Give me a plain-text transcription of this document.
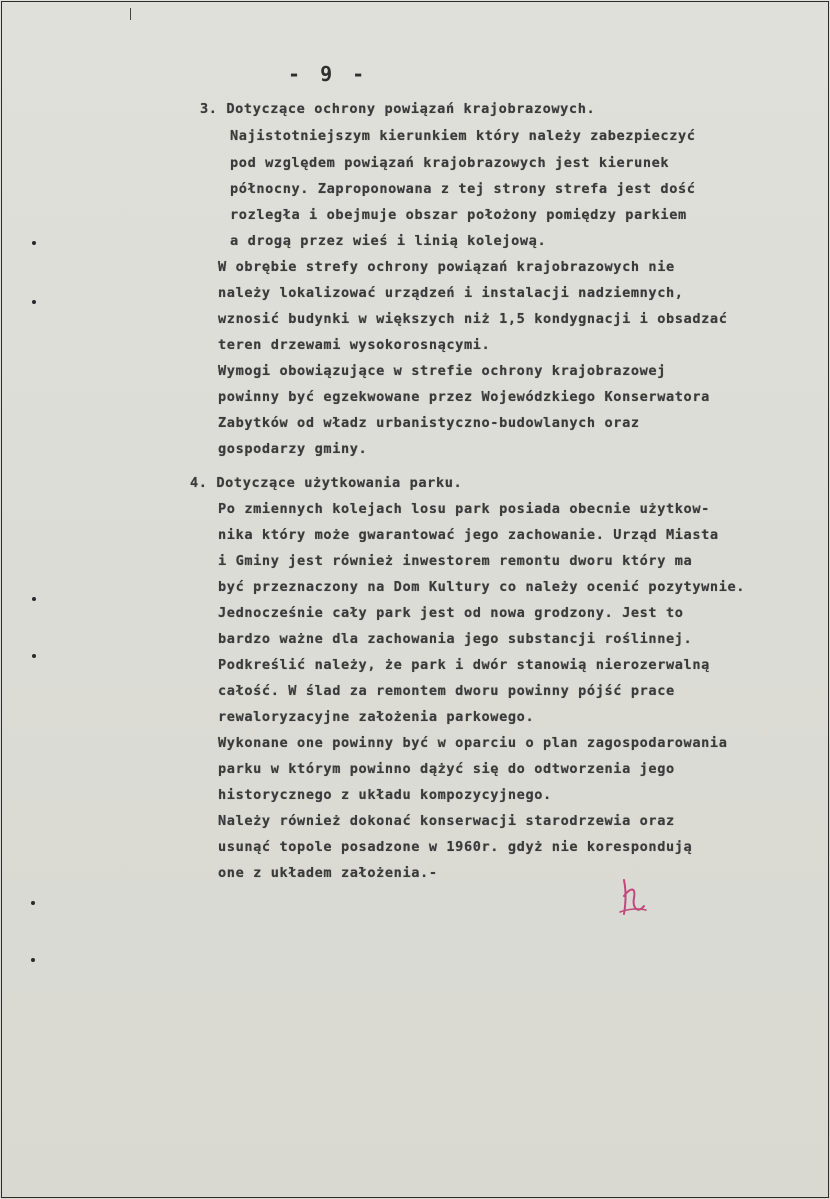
- 9 -
3. Dotyczące ochrony powiązań krajobrazowych.
Najistotniejszym kierunkiem który należy zabezpieczyć
pod względem powiązań krajobrazowych jest kierunek
północny. Zaproponowana z tej strony strefa jest dość
rozległa i obejmuje obszar położony pomiędzy parkiem
a drogą przez wieś i linią kolejową.
W obrębie strefy ochrony powiązań krajobrazowych nie
należy lokalizować urządzeń i instalacji nadziemnych,
wznosić budynki w większych niż 1,5 kondygnacji i obsadzać
teren drzewami wysokorosnącymi.
Wymogi obowiązujące w strefie ochrony krajobrazowej
powinny być egzekwowane przez Wojewódzkiego Konserwatora
Zabytków od władz urbanistyczno-budowlanych oraz
gospodarzy gminy.
4. Dotyczące użytkowania parku.
Po zmiennych kolejach losu park posiada obecnie użytkow-
nika który może gwarantować jego zachowanie. Urząd Miasta
i Gminy jest również inwestorem remontu dworu który ma
być przeznaczony na Dom Kultury co należy ocenić pozytywnie.
Jednocześnie cały park jest od nowa grodzony. Jest to
bardzo ważne dla zachowania jego substancji roślinnej.
Podkreślić należy, że park i dwór stanowią nierozerwalną
całość. W ślad za remontem dworu powinny pójść prace
rewaloryzacyjne założenia parkowego.
Wykonane one powinny być w oparciu o plan zagospodarowania
parku w którym powinno dążyć się do odtworzenia jego
historycznego z układu kompozycyjnego.
Należy również dokonać konserwacji starodrzewia oraz
usunąć topole posadzone w 1960r. gdyż nie korespondują
one z układem założenia.-
